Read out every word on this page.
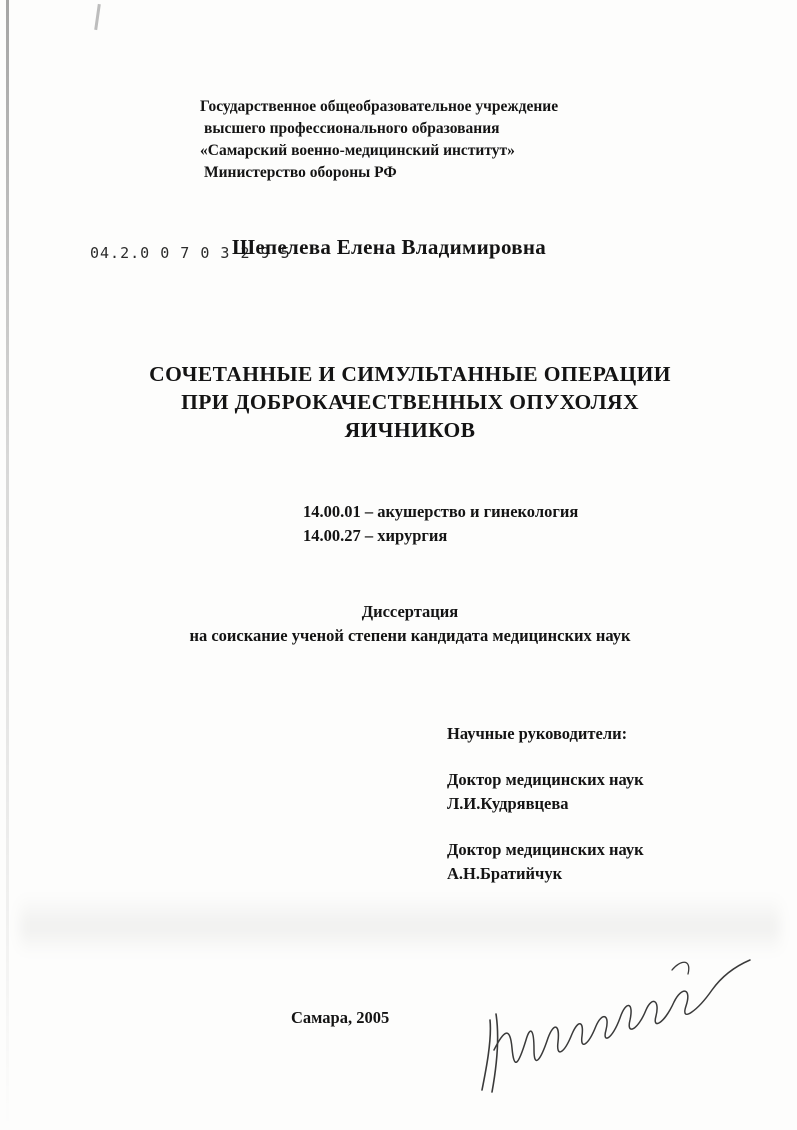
Государственное общеобразовательное учреждение
высшего профессионального образования
«Самарский военно-медицинский институт»
Министерство обороны РФ
04.2.0 0 7 0 3 2 9 5
Шепелева Елена Владимировна
СОЧЕТАННЫЕ И СИМУЛЬТАННЫЕ ОПЕРАЦИИ
ПРИ ДОБРОКАЧЕСТВЕННЫХ ОПУХОЛЯХ
ЯИЧНИКОВ
14.00.01 – акушерство и гинекология
14.00.27 – хирургия
Диссертация
на соискание ученой степени кандидата медицинских наук
Научные руководители:
Доктор медицинских наук
Л.И.Кудрявцева
Доктор медицинских наук
А.Н.Братийчук
Самара, 2005
